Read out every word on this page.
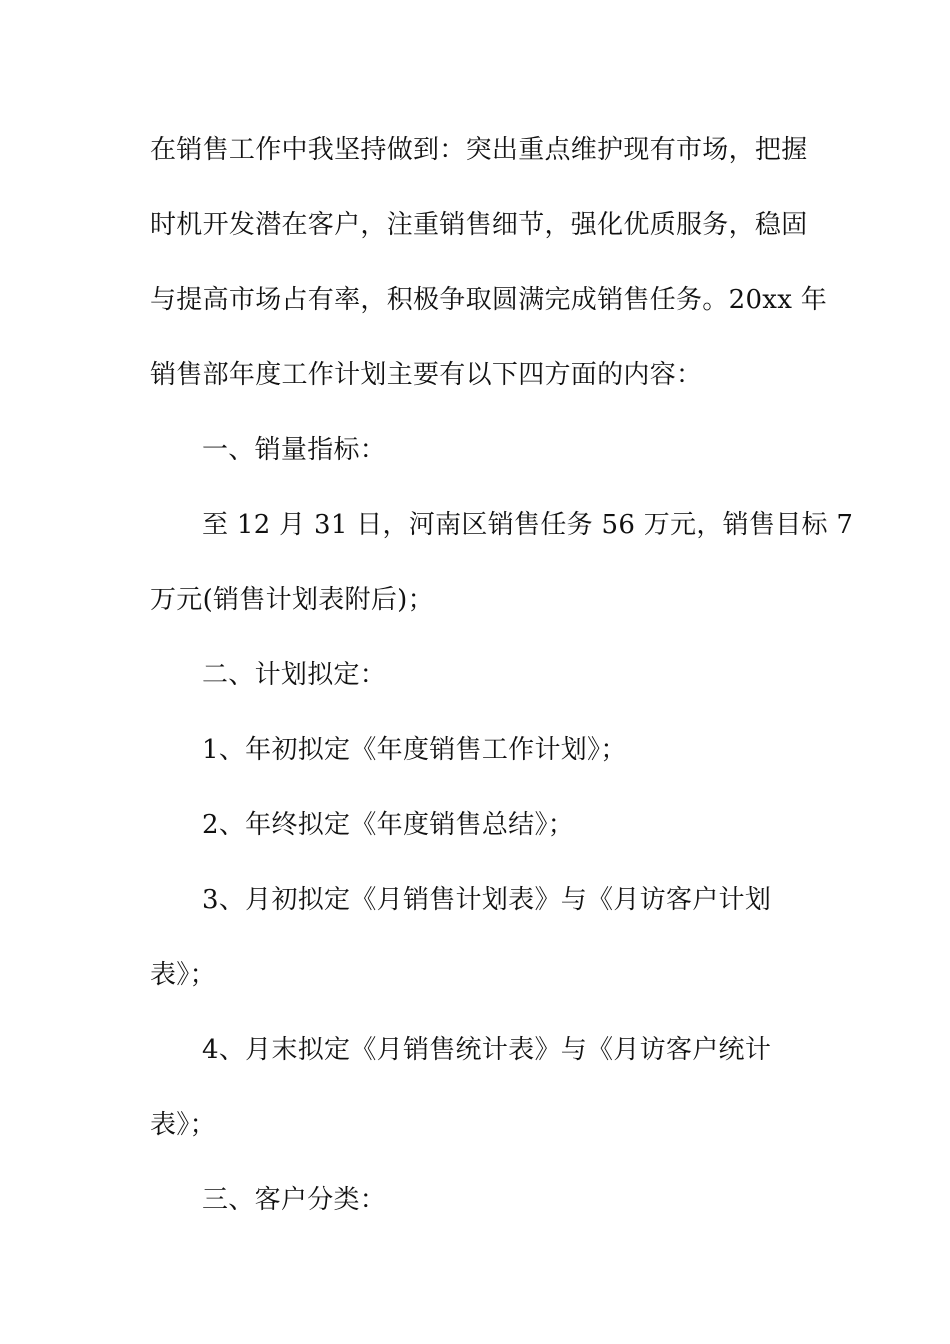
在销售工作中我坚持做到：突出重点维护现有市场，把握
时机开发潜在客户，注重销售细节，强化优质服务，稳固
与提高市场占有率，积极争取圆满完成销售任务。20xx 年
销售部年度工作计划主要有以下四方面的内容：
一、销量指标：
至 12 月 31 日，河南区销售任务 56 万元，销售目标 7
万元(销售计划表附后)；
二、计划拟定：
1、年初拟定《年度销售工作计划》；
2、年终拟定《年度销售总结》；
3、月初拟定《月销售计划表》与《月访客户计划
表》；
4、月末拟定《月销售统计表》与《月访客户统计
表》；
三、客户分类：
